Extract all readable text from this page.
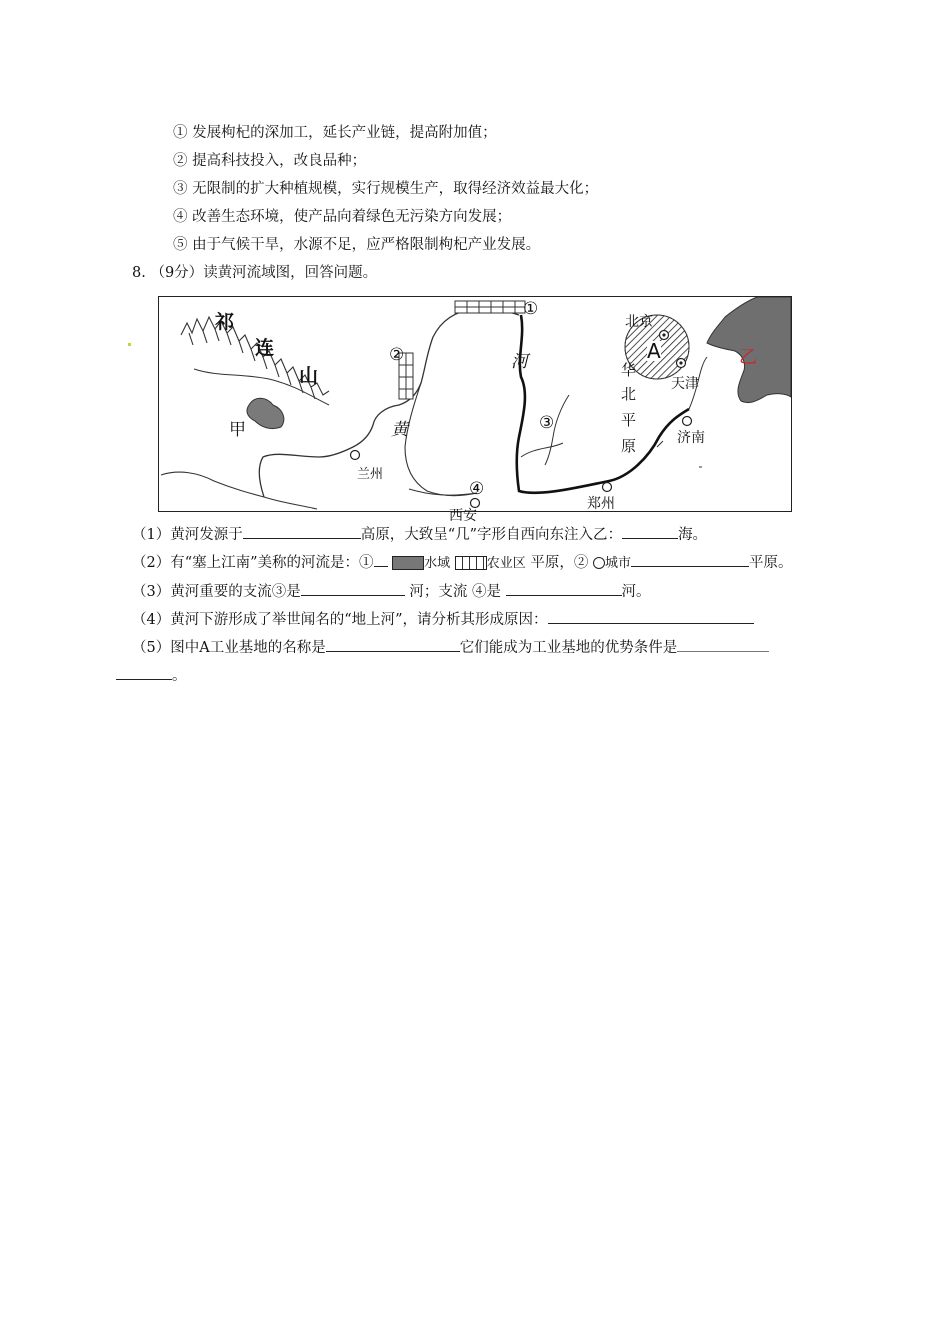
① 发展枸杞的深加工，延长产业链，提高附加值；
② 提高科技投入，改良品种；
③ 无限制的扩大种植规模，实行规模生产，取得经济效益最大化；
④ 改善生态环境，使产品向着绿色无污染方向发展；
⑤ 由于气候干旱，水源不足，应严格限制枸杞产业发展。
8. （9分）读黄河流域图，回答问题。
祁
连
山
甲	黄
河
北京
A
天津
华
北
平
原
乙
济南
兰州
郑州
西安
①
②
③
④
（1）黄河发源于	高原，大致呈“几”字形自西向东注入乙：	海。
（2）有“塞上江南”美称的河流是：①	水域	农业区 平原，② 城市	平原。
（3）黄河重要的支流③是	河；支流 ④是	河。
（4）黄河下游形成了举世闻名的“地上河”，请分析其形成原因：
（5）图中A工业基地的名称是	它们能成为工业基地的优势条件是
。
